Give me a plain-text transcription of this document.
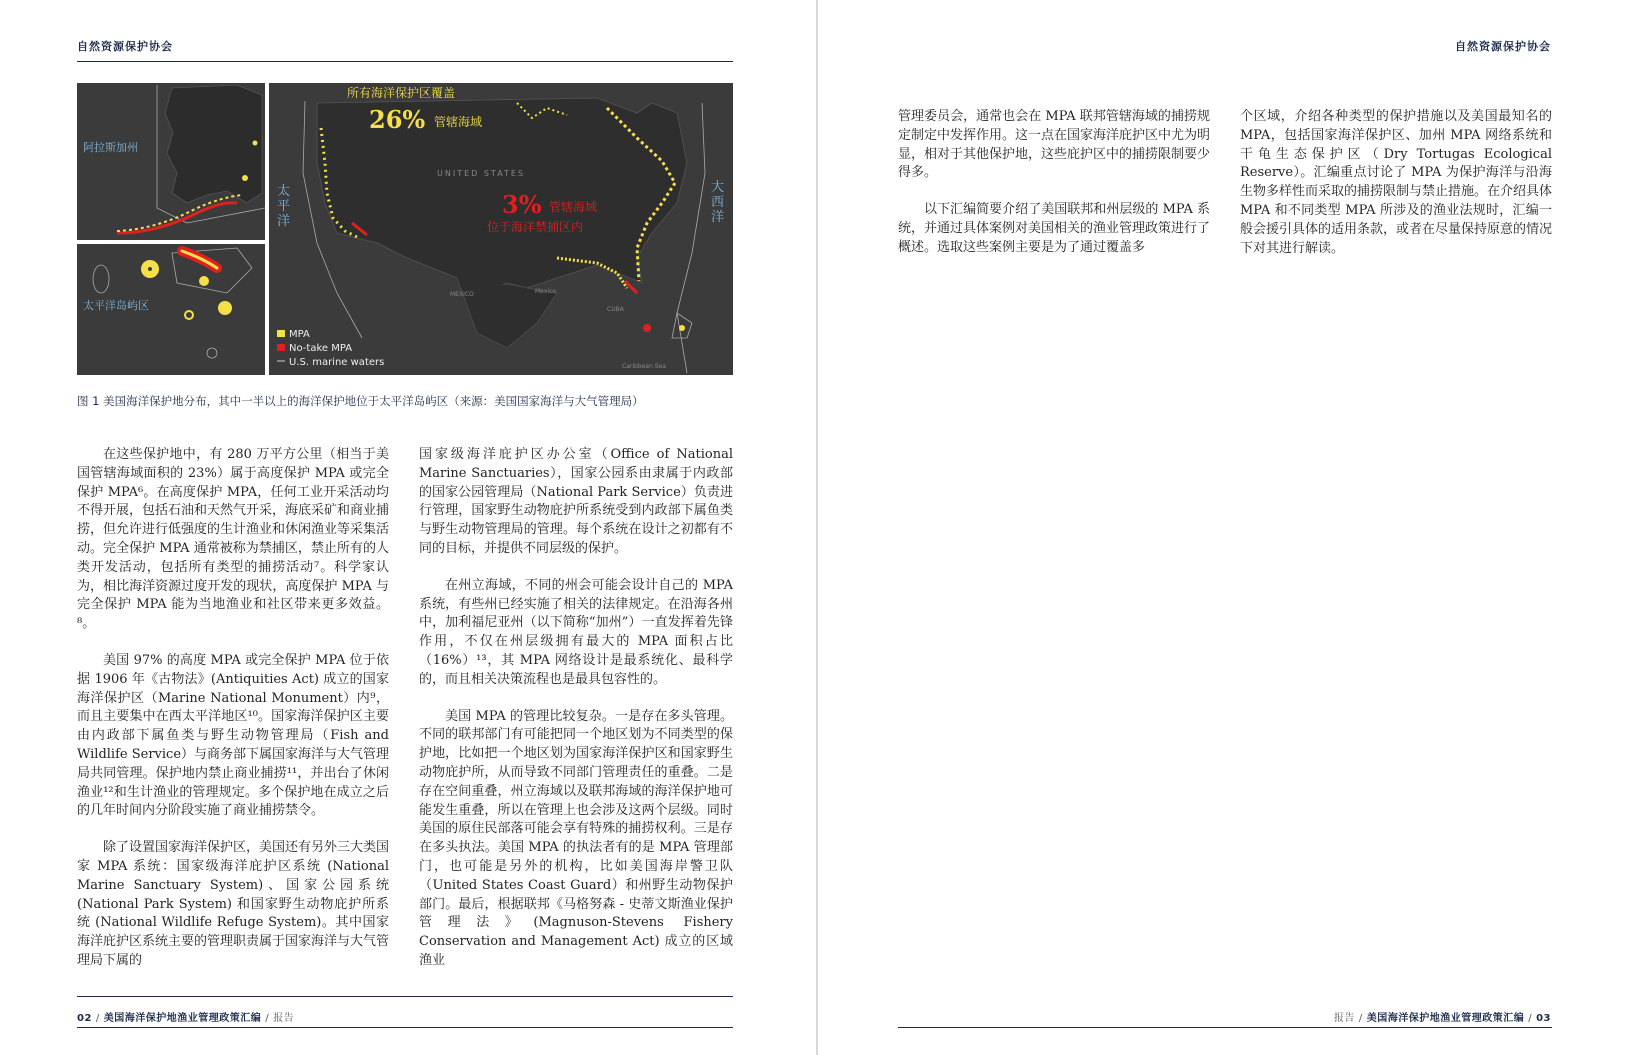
自然资源保护协会
阿拉斯加州
太平洋岛屿区
所有海洋保护区覆盖
26% 管辖海域
UNITED STATES
3% 管辖海域
位于海洋禁捕区内
MEXICO	Mexico
CUBA
Caribbean Sea
太平洋
大西洋
MPA
No-take MPA
U.S. marine waters
图 1 美国海洋保护地分布，其中一半以上的海洋保护地位于太平洋岛屿区（来源：美国国家海洋与大气管理局）

在这些保护地中，有 280 万平方公里（相当于美国管辖海域面积的 23%）属于高度保护 MPA 或完全保护 MPA⁶。在高度保护 MPA，任何工业开采活动均不得开展，包括石油和天然气开采，海底采矿和商业捕捞，但允许进行低强度的生计渔业和休闲渔业等采集活动。完全保护 MPA 通常被称为禁捕区，禁止所有的人类开发活动，包括所有类型的捕捞活动⁷。科学家认为，相比海洋资源过度开发的现状，高度保护 MPA 与完全保护 MPA 能为当地渔业和社区带来更多效益。⁸。

美国 97% 的高度 MPA 或完全保护 MPA 位于依据 1906 年《古物法》(Antiquities Act) 成立的国家海洋保护区（Marine National Monument）内⁹，而且主要集中在西太平洋地区¹⁰。国家海洋保护区主要由内政部下属鱼类与野生动物管理局（Fish and Wildlife Service）与商务部下属国家海洋与大气管理局共同管理。保护地内禁止商业捕捞¹¹，并出台了休闲渔业¹²和生计渔业的管理规定。多个保护地在成立之后的几年时间内分阶段实施了商业捕捞禁令。

除了设置国家海洋保护区，美国还有另外三大类国家 MPA 系统：国家级海洋庇护区系统 (National Marine Sanctuary System)、国家公园系统 (National Park System) 和国家野生动物庇护所系统 (National Wildlife Refuge System)。其中国家海洋庇护区系统主要的管理职责属于国家海洋与大气管理局下属的

国家级海洋庇护区办公室（Office of National Marine Sanctuaries），国家公园系由隶属于内政部的国家公园管理局（National Park Service）负责进行管理，国家野生动物庇护所系统受到内政部下属鱼类与野生动物管理局的管理。每个系统在设计之初都有不同的目标，并提供不同层级的保护。

在州立海域，不同的州会可能会设计自己的 MPA 系统，有些州已经实施了相关的法律规定。在沿海各州中，加利福尼亚州（以下简称“加州”）一直发挥着先锋作用，不仅在州层级拥有最大的 MPA 面积占比（16%）¹³，其 MPA 网络设计是最系统化、最科学的，而且相关决策流程也是最具包容性的。

美国 MPA 的管理比较复杂。一是存在多头管理。不同的联邦部门有可能把同一个地区划为不同类型的保护地，比如把一个地区划为国家海洋保护区和国家野生动物庇护所，从而导致不同部门管理责任的重叠。二是存在空间重叠，州立海域以及联邦海域的海洋保护地可能发生重叠，所以在管理上也会涉及这两个层级。同时美国的原住民部落可能会享有特殊的捕捞权利。三是存在多头执法。美国 MPA 的执法者有的是 MPA 管理部门，也可能是另外的机构，比如美国海岸警卫队（United States Coast Guard）和州野生动物保护部门。最后，根据联邦《马格努森 - 史蒂文斯渔业保护管理法》(Magnuson-Stevens Fishery Conservation and Management Act) 成立的区域渔业

02 / 美国海洋保护地渔业管理政策汇编 / 报告
自然资源保护协会

管理委员会，通常也会在 MPA 联邦管辖海域的捕捞规定制定中发挥作用。这一点在国家海洋庇护区中尤为明显，相对于其他保护地，这些庇护区中的捕捞限制要少得多。

以下汇编简要介绍了美国联邦和州层级的 MPA 系统，并通过具体案例对美国相关的渔业管理政策进行了概述。选取这些案例主要是为了通过覆盖多

个区域，介绍各种类型的保护措施以及美国最知名的 MPA，包括国家海洋保护区、加州 MPA 网络系统和干龟生态保护区（Dry Tortugas Ecological Reserve）。汇编重点讨论了 MPA 为保护海洋与沿海生物多样性而采取的捕捞限制与禁止措施。在介绍具体 MPA 和不同类型 MPA 所涉及的渔业法规时，汇编一般会援引具体的适用条款，或者在尽量保持原意的情况下对其进行解读。

报告 / 美国海洋保护地渔业管理政策汇编 / 03
